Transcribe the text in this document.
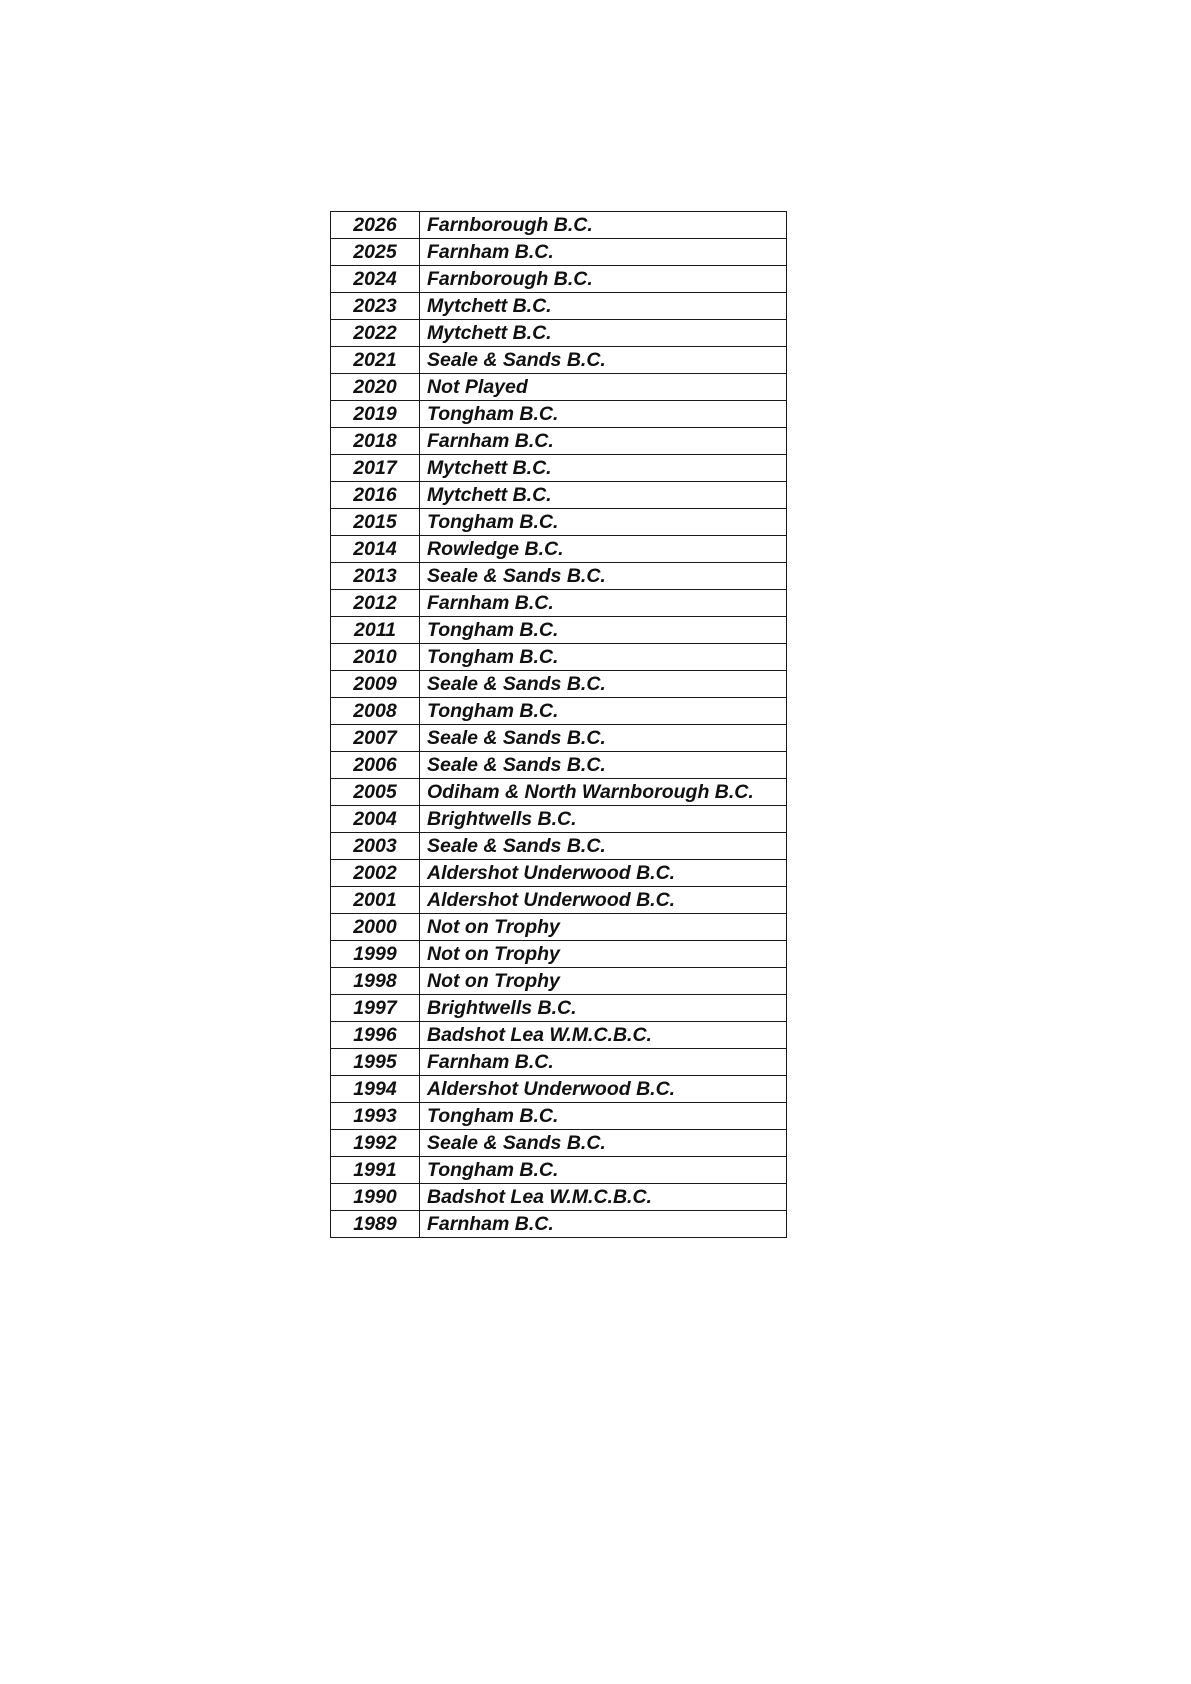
2026	Farnborough B.C.
2025	Farnham B.C.
2024	Farnborough B.C.
2023	Mytchett B.C.
2022	Mytchett B.C.
2021	Seale & Sands B.C.
2020	Not Played
2019	Tongham B.C.
2018	Farnham B.C.
2017	Mytchett B.C.
2016	Mytchett B.C.
2015	Tongham B.C.
2014	Rowledge B.C.
2013	Seale & Sands B.C.
2012	Farnham B.C.
2011	Tongham B.C.
2010	Tongham B.C.
2009	Seale & Sands B.C.
2008	Tongham B.C.
2007	Seale & Sands B.C.
2006	Seale & Sands B.C.
2005	Odiham & North Warnborough B.C.
2004	Brightwells B.C.
2003	Seale & Sands B.C.
2002	Aldershot Underwood B.C.
2001	Aldershot Underwood B.C.
2000	Not on Trophy
1999	Not on Trophy
1998	Not on Trophy
1997	Brightwells B.C.
1996	Badshot Lea W.M.C.B.C.
1995	Farnham B.C.
1994	Aldershot Underwood B.C.
1993	Tongham B.C.
1992	Seale & Sands B.C.
1991	Tongham B.C.
1990	Badshot Lea W.M.C.B.C.
1989	Farnham B.C.
